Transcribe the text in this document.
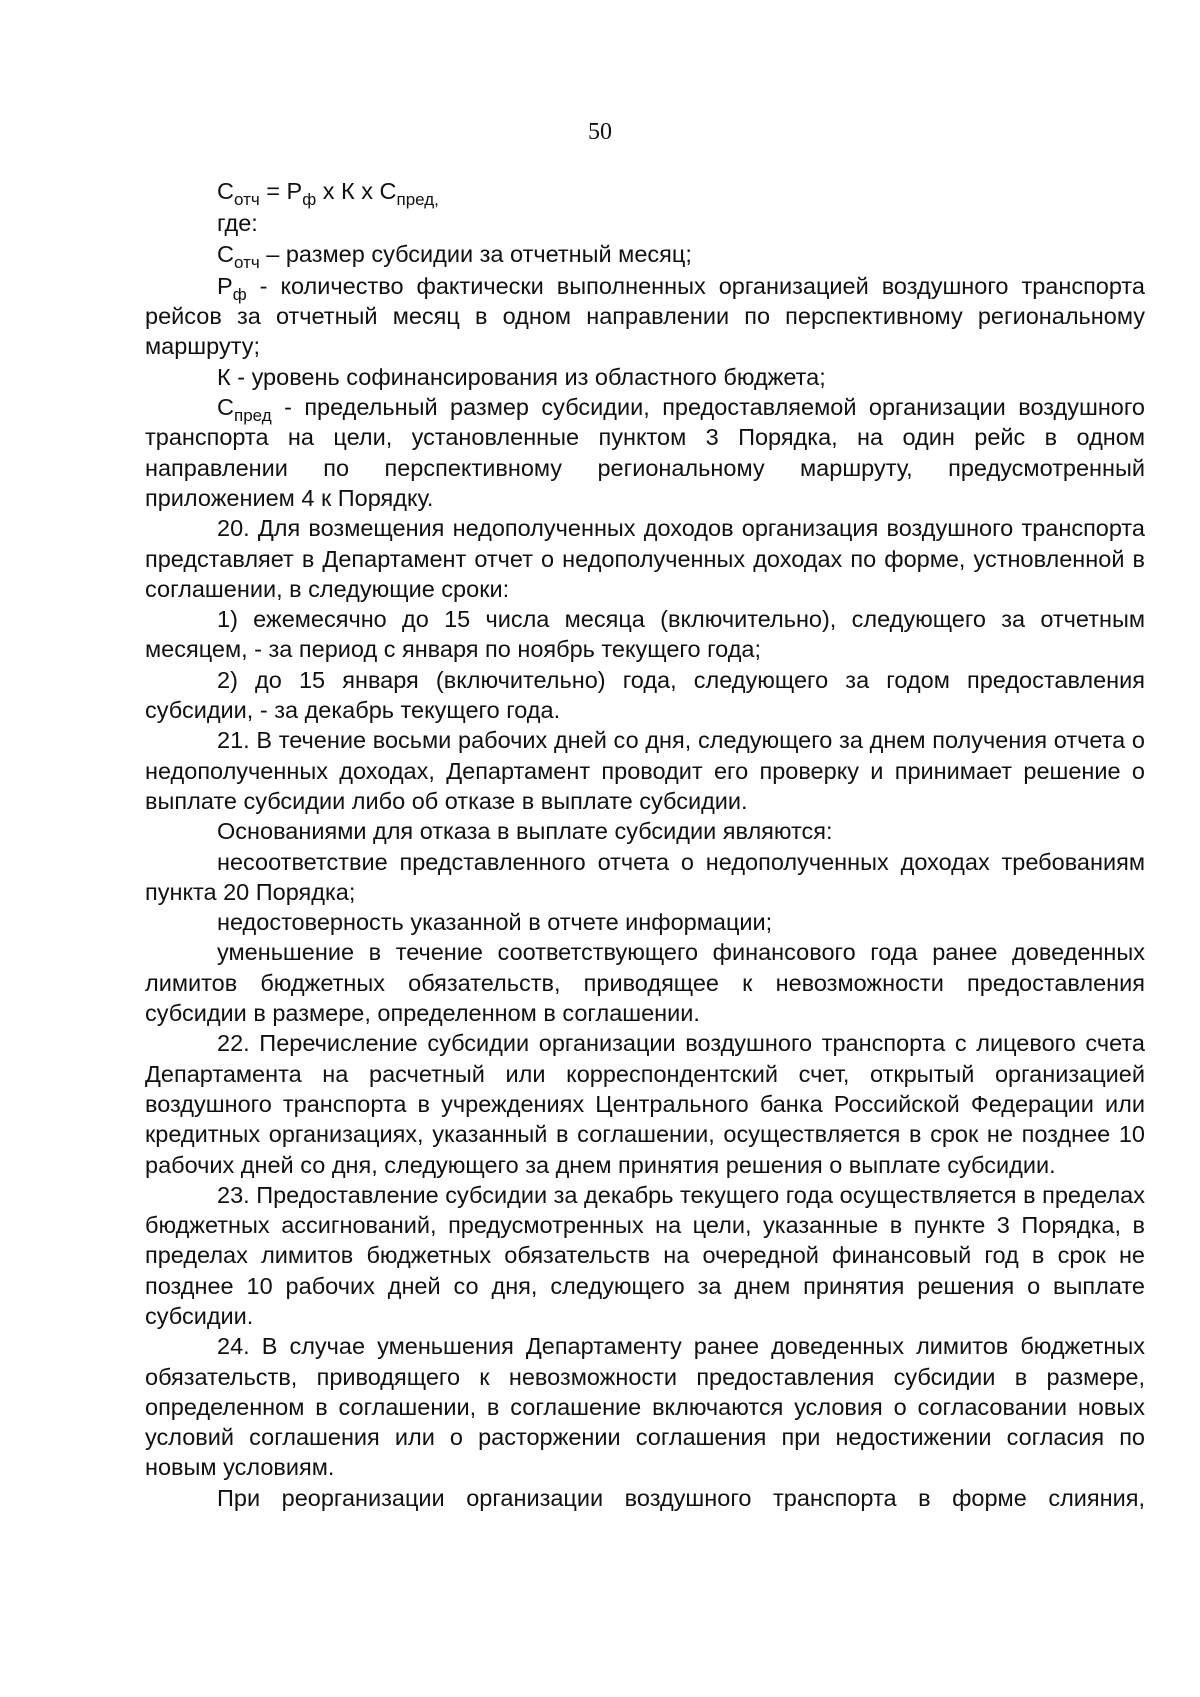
50

$С_{отч} = Р_ф$ х К х $С_{пред,}$

где:

$С_{отч}$ – размер субсидии за отчетный месяц;

$Р_ф$ - количество фактически выполненных организацией воздушного транспорта рейсов за отчетный месяц в одном направлении по перспективному региональному маршруту;

К - уровень софинансирования из областного бюджета;

$С_{пред}$ - предельный размер субсидии, предоставляемой организации воздушного транспорта на цели, установленные пунктом 3 Порядка, на один рейс в одном направлении по перспективному региональному маршруту, предусмотренный приложением 4 к Порядку.

20. Для возмещения недополученных доходов организация воздушного транспорта представляет в Департамент отчет о недополученных доходах по форме, устновленной в соглашении, в следующие сроки:

1) ежемесячно до 15 числа месяца (включительно), следующего за отчетным месяцем, - за период с января по ноябрь текущего года;

2) до 15 января (включительно) года, следующего за годом предоставления субсидии, - за декабрь текущего года.

21. В течение восьми рабочих дней со дня, следующего за днем получения отчета о недополученных доходах, Департамент проводит его проверку и принимает решение о выплате субсидии либо об отказе в выплате субсидии.

Основаниями для отказа в выплате субсидии являются:

несоответствие представленного отчета о недополученных доходах требованиям пункта 20 Порядка;

недостоверность указанной в отчете информации;

уменьшение в течение соответствующего финансового года ранее доведенных лимитов бюджетных обязательств, приводящее к невозможности предоставления субсидии в размере, определенном в соглашении.

22. Перечисление субсидии организации воздушного транспорта с лицевого счета Департамента на расчетный или корреспондентский счет, открытый организацией воздушного транспорта в учреждениях Центрального банка Российской Федерации или кредитных организациях, указанный в соглашении, осуществляется в срок не позднее 10 рабочих дней со дня, следующего за днем принятия решения о выплате субсидии.

23. Предоставление субсидии за декабрь текущего года осуществляется в пределах бюджетных ассигнований, предусмотренных на цели, указанные в пункте 3 Порядка, в пределах лимитов бюджетных обязательств на очередной финансовый год в срок не позднее 10 рабочих дней со дня, следующего за днем принятия решения о выплате субсидии.

24. В случае уменьшения Департаменту ранее доведенных лимитов бюджетных обязательств, приводящего к невозможности предоставления субсидии в размере, определенном в соглашении, в соглашение включаются условия о согласовании новых условий соглашения или о расторжении соглашения при недостижении согласия по новым условиям.

При реорганизации организации воздушного транспорта в форме слияния,
